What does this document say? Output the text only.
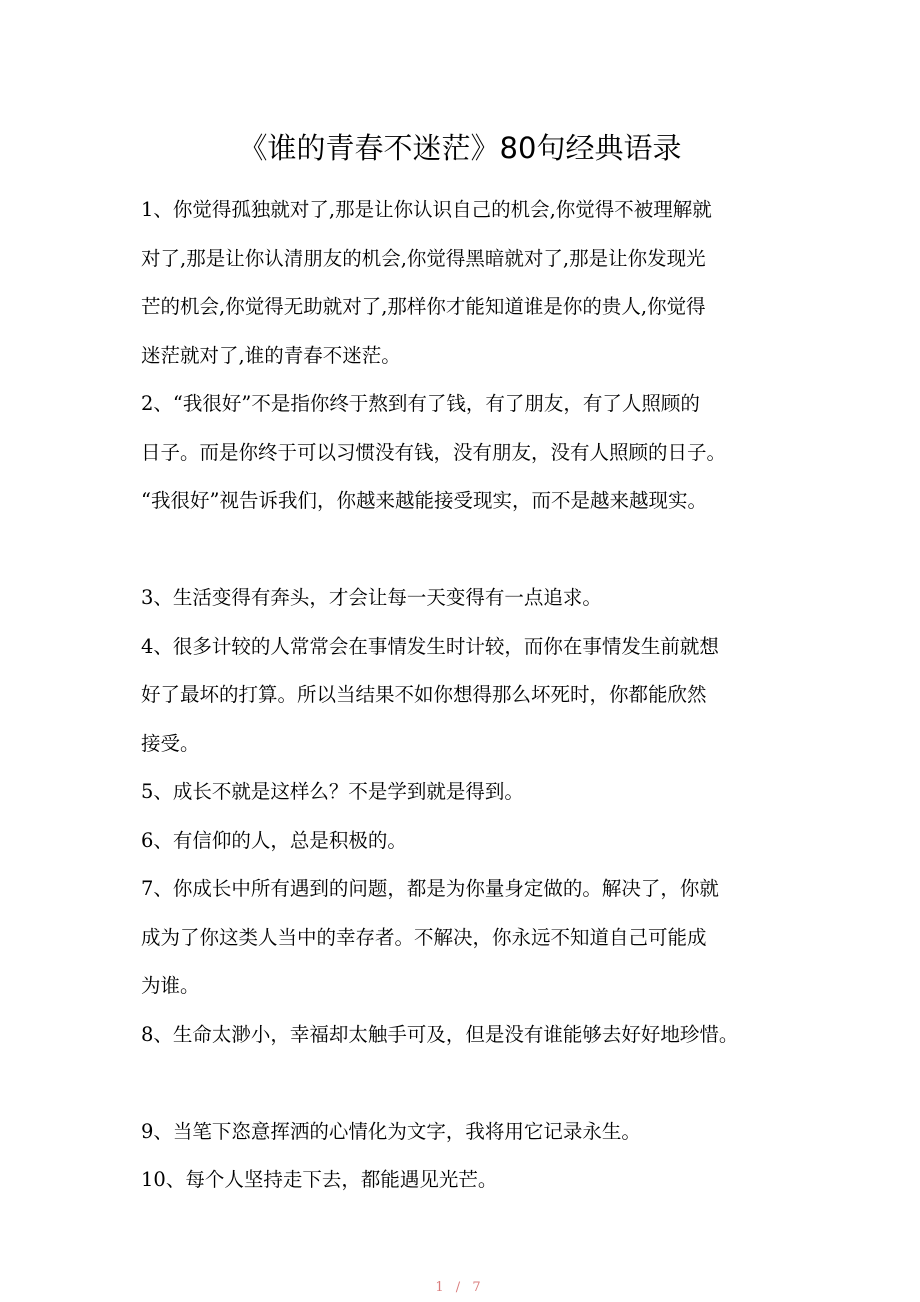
《谁的青春不迷茫》80句经典语录
1、你觉得孤独就对了,那是让你认识自己的机会,你觉得不被理解就
对了,那是让你认清朋友的机会,你觉得黑暗就对了,那是让你发现光
芒的机会,你觉得无助就对了,那样你才能知道谁是你的贵人,你觉得
迷茫就对了,谁的青春不迷茫。
2、“我很好”不是指你终于熬到有了钱，有了朋友，有了人照顾的
日子。而是你终于可以习惯没有钱，没有朋友，没有人照顾的日子。
“我很好”视告诉我们，你越来越能接受现实，而不是越来越现实。
3、生活变得有奔头，才会让每一天变得有一点追求。
4、很多计较的人常常会在事情发生时计较，而你在事情发生前就想
好了最坏的打算。所以当结果不如你想得那么坏死时，你都能欣然
接受。
5、成长不就是这样么？不是学到就是得到。
6、有信仰的人，总是积极的。
7、你成长中所有遇到的问题，都是为你量身定做的。解决了，你就
成为了你这类人当中的幸存者。不解决，你永远不知道自己可能成
为谁。
8、生命太渺小，幸福却太触手可及，但是没有谁能够去好好地珍惜。
9、当笔下恣意挥洒的心情化为文字，我将用它记录永生。
10、每个人坚持走下去，都能遇见光芒。
1 / 7
